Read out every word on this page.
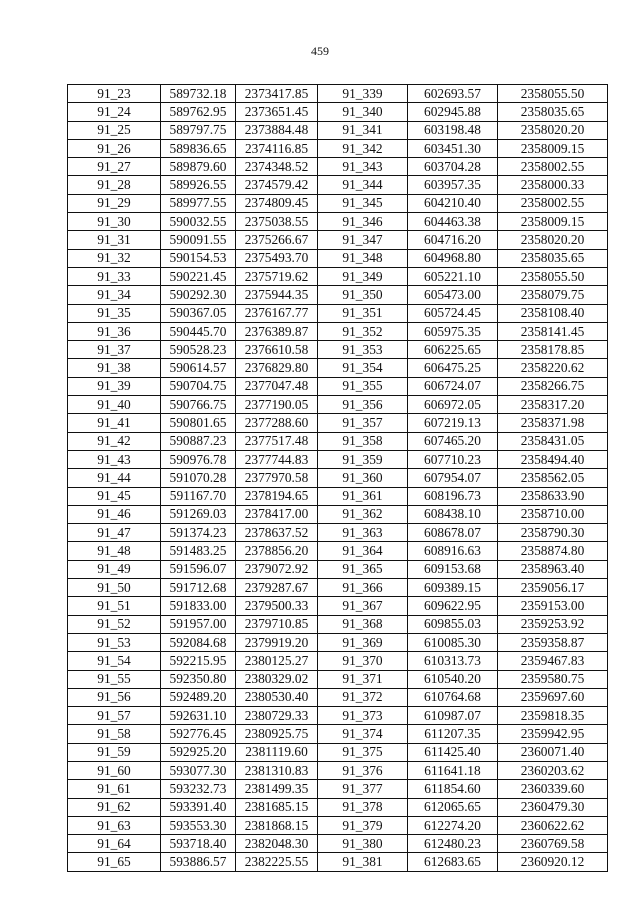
459
91_23	589732.18	2373417.85	91_339	602693.57	2358055.50
91_24	589762.95	2373651.45	91_340	602945.88	2358035.65
91_25	589797.75	2373884.48	91_341	603198.48	2358020.20
91_26	589836.65	2374116.85	91_342	603451.30	2358009.15
91_27	589879.60	2374348.52	91_343	603704.28	2358002.55
91_28	589926.55	2374579.42	91_344	603957.35	2358000.33
91_29	589977.55	2374809.45	91_345	604210.40	2358002.55
91_30	590032.55	2375038.55	91_346	604463.38	2358009.15
91_31	590091.55	2375266.67	91_347	604716.20	2358020.20
91_32	590154.53	2375493.70	91_348	604968.80	2358035.65
91_33	590221.45	2375719.62	91_349	605221.10	2358055.50
91_34	590292.30	2375944.35	91_350	605473.00	2358079.75
91_35	590367.05	2376167.77	91_351	605724.45	2358108.40
91_36	590445.70	2376389.87	91_352	605975.35	2358141.45
91_37	590528.23	2376610.58	91_353	606225.65	2358178.85
91_38	590614.57	2376829.80	91_354	606475.25	2358220.62
91_39	590704.75	2377047.48	91_355	606724.07	2358266.75
91_40	590766.75	2377190.05	91_356	606972.05	2358317.20
91_41	590801.65	2377288.60	91_357	607219.13	2358371.98
91_42	590887.23	2377517.48	91_358	607465.20	2358431.05
91_43	590976.78	2377744.83	91_359	607710.23	2358494.40
91_44	591070.28	2377970.58	91_360	607954.07	2358562.05
91_45	591167.70	2378194.65	91_361	608196.73	2358633.90
91_46	591269.03	2378417.00	91_362	608438.10	2358710.00
91_47	591374.23	2378637.52	91_363	608678.07	2358790.30
91_48	591483.25	2378856.20	91_364	608916.63	2358874.80
91_49	591596.07	2379072.92	91_365	609153.68	2358963.40
91_50	591712.68	2379287.67	91_366	609389.15	2359056.17
91_51	591833.00	2379500.33	91_367	609622.95	2359153.00
91_52	591957.00	2379710.85	91_368	609855.03	2359253.92
91_53	592084.68	2379919.20	91_369	610085.30	2359358.87
91_54	592215.95	2380125.27	91_370	610313.73	2359467.83
91_55	592350.80	2380329.02	91_371	610540.20	2359580.75
91_56	592489.20	2380530.40	91_372	610764.68	2359697.60
91_57	592631.10	2380729.33	91_373	610987.07	2359818.35
91_58	592776.45	2380925.75	91_374	611207.35	2359942.95
91_59	592925.20	2381119.60	91_375	611425.40	2360071.40
91_60	593077.30	2381310.83	91_376	611641.18	2360203.62
91_61	593232.73	2381499.35	91_377	611854.60	2360339.60
91_62	593391.40	2381685.15	91_378	612065.65	2360479.30
91_63	593553.30	2381868.15	91_379	612274.20	2360622.62
91_64	593718.40	2382048.30	91_380	612480.23	2360769.58
91_65	593886.57	2382225.55	91_381	612683.65	2360920.12
